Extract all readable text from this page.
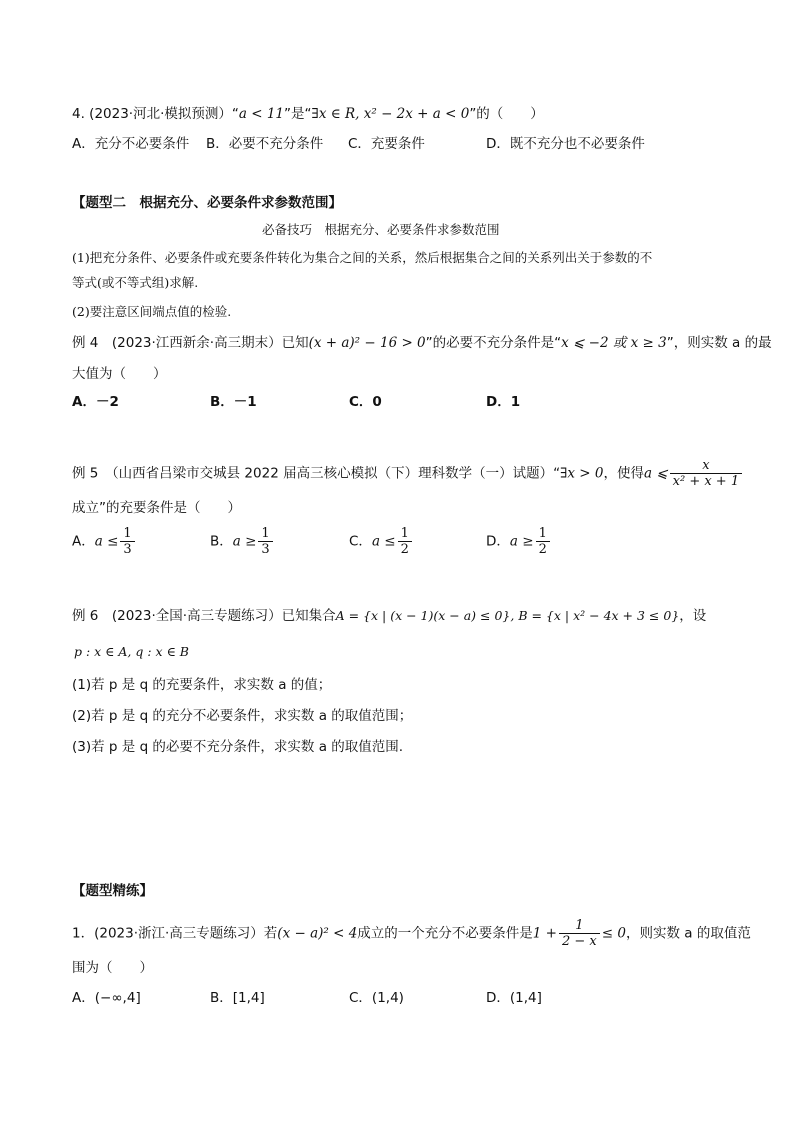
4. (2023·河北·模拟预测）“a < 11”是“∃x ∈ R, x² − 2x + a < 0”的（　　）
A．充分不必要条件 B．必要不充分条件 C．充要条件	D．既不充分也不必要条件
【题型二　根据充分、必要条件求参数范围】
必备技巧　根据充分、必要条件求参数范围
(1)把充分条件、必要条件或充要条件转化为集合之间的关系，然后根据集合之间的关系列出关于参数的不
等式(或不等式组)求解.
(2)要注意区间端点值的检验.
例 4　(2023·江西新余·高三期末）已知(x + a)² − 16 > 0”的必要不充分条件是“x ⩽ −2 或 x ≥ 3”，则实数 a 的最
大值为（　　）
A．－2	B．－1	C．0	D．1
例 5　（山西省吕梁市交城县 2022 届高三核心模拟（下）理科数学（一）试题）“∃x > 0，使得a ⩽ $\frac{x}{\text{x² + x + 1}}$
成立”的充要条件是（　　）
A．$a \le \frac{1}{3}$	B．$a \ge \frac{1}{3}$	C．$a \le \frac{1}{2}$	D．$a \ge \frac{1}{2}$
例 6　(2023·全国·高三专题练习）已知集合A = {x | (x − 1)(x − a) ≤ 0}, B = {x | x² − 4x + 3 ≤ 0}，设
p : x ∈ A, q : x ∈ B
(1)若 p 是 q 的充要条件，求实数 a 的值；
(2)若 p 是 q 的充分不必要条件，求实数 a 的取值范围；
(3)若 p 是 q 的必要不充分条件，求实数 a 的取值范围.
【题型精练】
1．(2023·浙江·高三专题练习）若(x − a)² < 4成立的一个充分不必要条件是$1 + \frac{1}{2 - x} \le 0$，则实数 a 的取值范
围为（　　）
A．(−∞,4]	B．[1,4]	C．(1,4)	D．(1,4]
